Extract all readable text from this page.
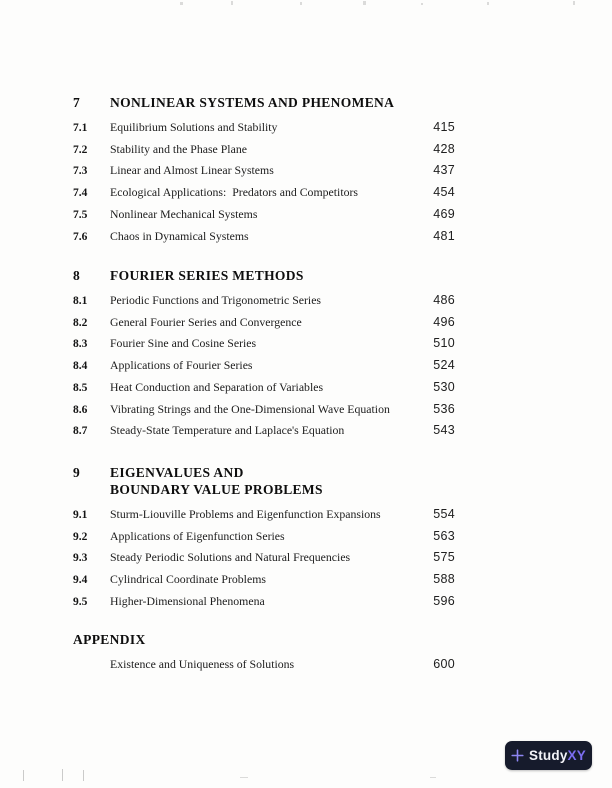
7	NONLINEAR SYSTEMS AND PHENOMENA
7.1	Equilibrium Solutions and Stability	415
7.2	Stability and the Phase Plane	428
7.3	Linear and Almost Linear Systems	437
7.4	Ecological Applications:  Predators and Competitors	454
7.5	Nonlinear Mechanical Systems	469
7.6	Chaos in Dynamical Systems	481
8	FOURIER SERIES METHODS
8.1	Periodic Functions and Trigonometric Series	486
8.2	General Fourier Series and Convergence	496
8.3	Fourier Sine and Cosine Series	510
8.4	Applications of Fourier Series	524
8.5	Heat Conduction and Separation of Variables	530
8.6	Vibrating Strings and the One-Dimensional Wave Equation	536
8.7	Steady-State Temperature and Laplace's Equation	543
9	EIGENVALUES AND
BOUNDARY VALUE PROBLEMS
9.1	Sturm-Liouville Problems and Eigenfunction Expansions	554
9.2	Applications of Eigenfunction Series	563
9.3	Steady Periodic Solutions and Natural Frequencies	575
9.4	Cylindrical Coordinate Problems	588
9.5	Higher-Dimensional Phenomena	596
APPENDIX
Existence and Uniqueness of Solutions	600
StudyXY
